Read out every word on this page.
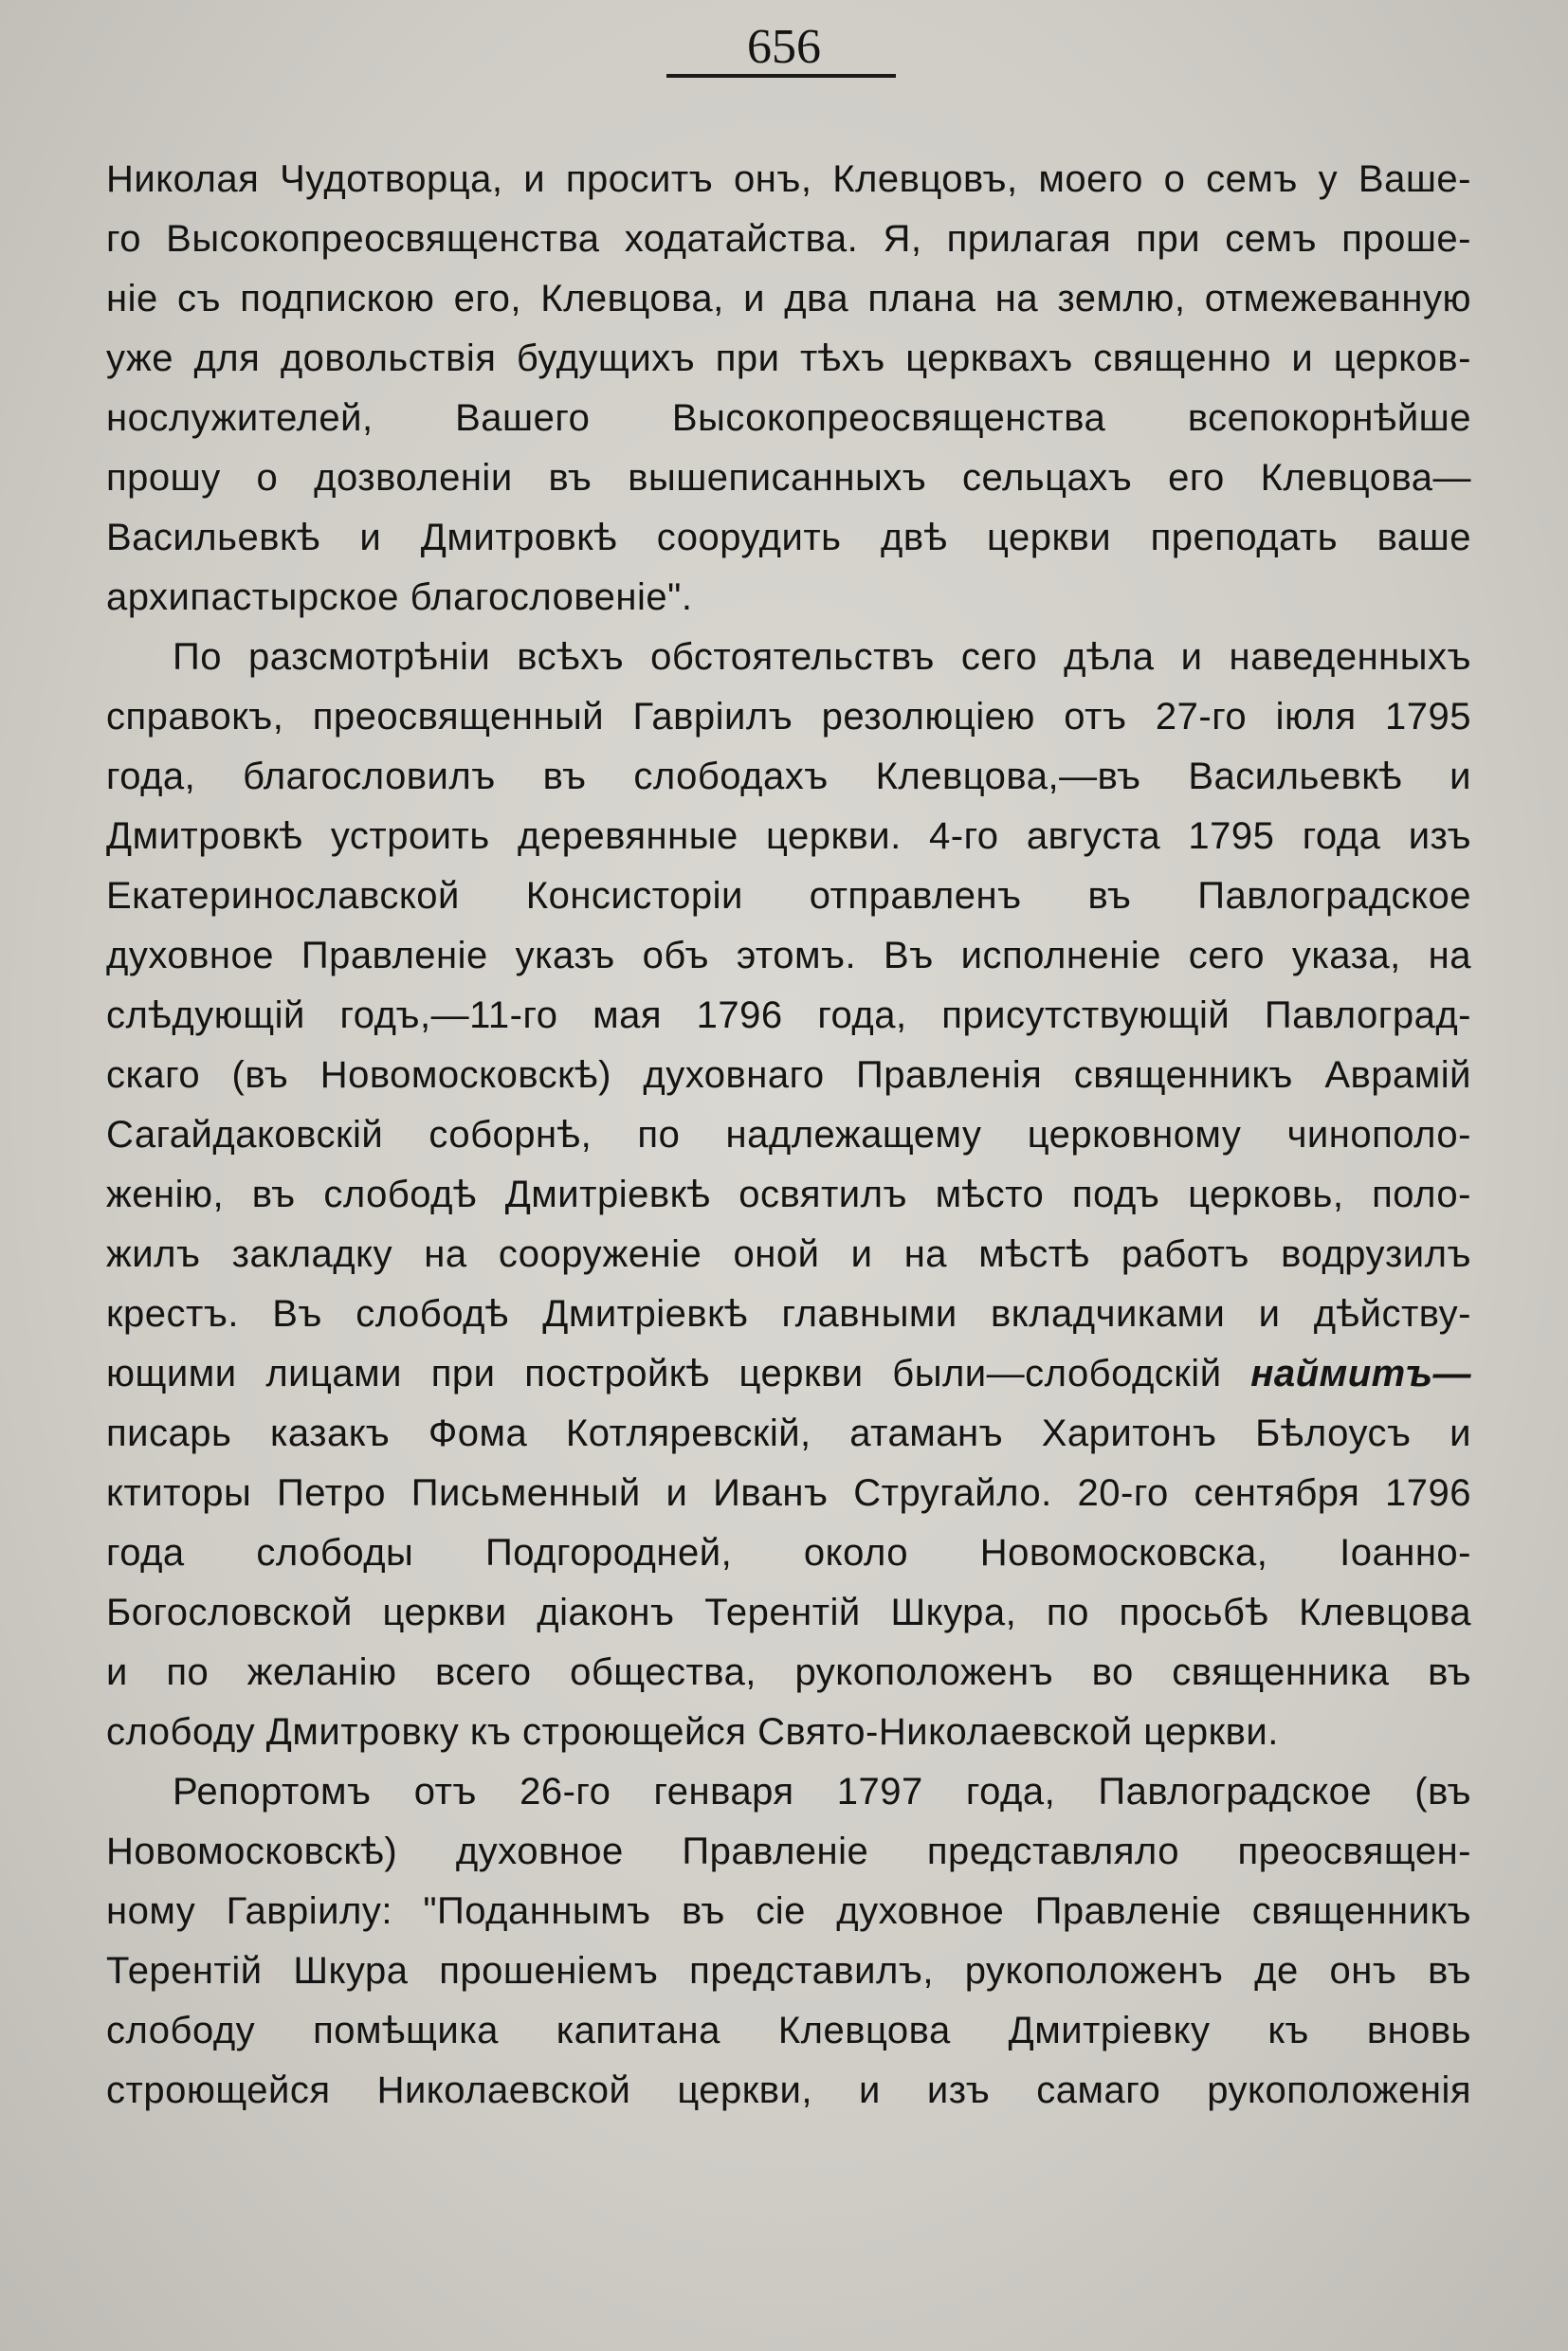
656
Николая Чудотворца, и проситъ онъ, Клевцовъ, моего о семъ у Ваше-
го Высокопреосвященства ходатайства. Я, прилагая при семъ проше-
ніе съ подпискою его, Клевцова, и два плана на землю, отмежеванную
уже для довольствія будущихъ при тѣхъ церквахъ священно и церков-
нослужителей, Вашего Высокопреосвященства всепокорнѣйше
прошу о дозволеніи въ вышеписанныхъ сельцахъ его Клевцова—
Васильевкѣ и Дмитровкѣ соорудить двѣ церкви преподать ваше
архипастырское благословеніе".
По разсмотрѣніи всѣхъ обстоятельствъ сего дѣла и наведенныхъ
справокъ, преосвященный Гавріилъ резолюціею отъ 27-го іюля 1795
года, благословилъ въ слободахъ Клевцова,—въ Васильевкѣ и
Дмитровкѣ устроить деревянные церкви. 4-го августа 1795 года изъ
Екатеринославской Консисторіи отправленъ въ Павлоградское
духовное Правленіе указъ объ этомъ. Въ исполненіе сего указа, на
слѣдующій годъ,—11-го мая 1796 года, присутствующій Павлоград-
скаго (въ Новомосковскѣ) духовнаго Правленія священникъ Аврамій
Сагайдаковскій соборнѣ, по надлежащему церковному чинополо-
женію, въ слободѣ Дмитріевкѣ освятилъ мѣсто подъ церковь, поло-
жилъ закладку на сооруженіе оной и на мѣстѣ работъ водрузилъ
крестъ. Въ слободѣ Дмитріевкѣ главными вкладчиками и дѣйству-
ющими лицами при постройкѣ церкви были—слободскій наймитъ—
писарь казакъ Фома Котляревскій, атаманъ Харитонъ Бѣлоусъ и
ктиторы Петро Письменный и Иванъ Стругайло. 20-го сентября 1796
года слободы Подгородней, около Новомосковска, Іоанно-
Богословской церкви діаконъ Терентій Шкура, по просьбѣ Клевцова
и по желанію всего общества, рукоположенъ во священника въ
слободу Дмитровку къ строющейся Свято-Николаевской церкви.
Репортомъ отъ 26-го генваря 1797 года, Павлоградское (въ
Новомосковскѣ) духовное Правленіе представляло преосвящен-
ному Гавріилу: "Поданнымъ въ сіе духовное Правленіе священникъ
Терентій Шкура прошеніемъ представилъ, рукоположенъ де онъ въ
слободу помѣщика капитана Клевцова Дмитріевку къ вновь
строющейся Николаевской церкви, и изъ самаго рукоположенія
